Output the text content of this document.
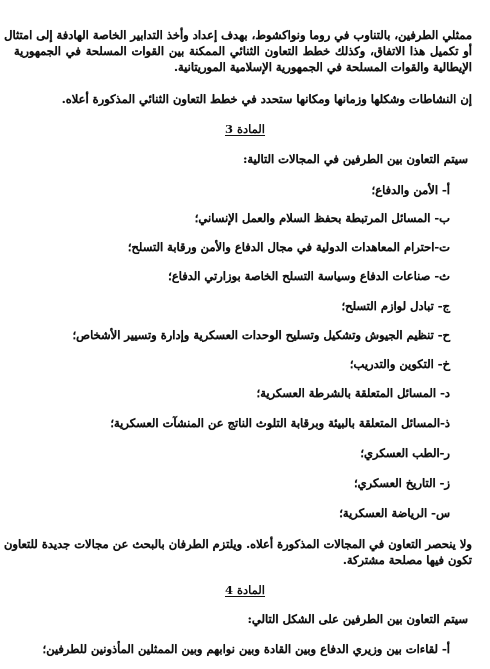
ممثلي الطرفين، بالتناوب في روما ونواكشوط، بهدف إعداد وأخذ التدابير الخاصة الهادفة إلى امتثال
أو تكميل هذا الاتفاق، وكذلك خطط التعاون الثنائي الممكنة بين القوات المسلحة في الجمهورية
الإيطالية والقوات المسلحة في الجمهورية الإسلامية الموريتانية.
إن النشاطات وشكلها وزمانها ومكانها ستحدد في خطط التعاون الثنائي المذكورة أعلاه.
المادة 3
سيتم التعاون بين الطرفين في المجالات التالية:
أ- الأمن والدفاع؛
ب- المسائل المرتبطة بحفظ السلام والعمل الإنساني؛
ت-احترام المعاهدات الدولية في مجال الدفاع والأمن ورقابة التسلح؛
ث- صناعات الدفاع وسياسة التسلح الخاصة بوزارتي الدفاع؛
ج- تبادل لوازم التسلح؛
ح- تنظيم الجيوش وتشكيل وتسليح الوحدات العسكرية وإدارة وتسيير الأشخاص؛
خ- التكوين والتدريب؛
د- المسائل المتعلقة بالشرطة العسكرية؛
ذ-المسائل المتعلقة بالبيئة وبرقابة التلوث الناتج عن المنشآت العسكرية؛
ر-الطب العسكري؛
ز- التاريخ العسكري؛
س- الرياضة العسكرية؛
ولا ينحصر التعاون في المجالات المذكورة أعلاه. ويلتزم الطرفان بالبحث عن مجالات جديدة للتعاون
تكون فيها مصلحة مشتركة.
المادة 4
سيتم التعاون بين الطرفين على الشكل التالي:
أ- لقاءات بين وزيري الدفاع وبين القادة وبين نوابهم وبين الممثلين المأذونين للطرفين؛
